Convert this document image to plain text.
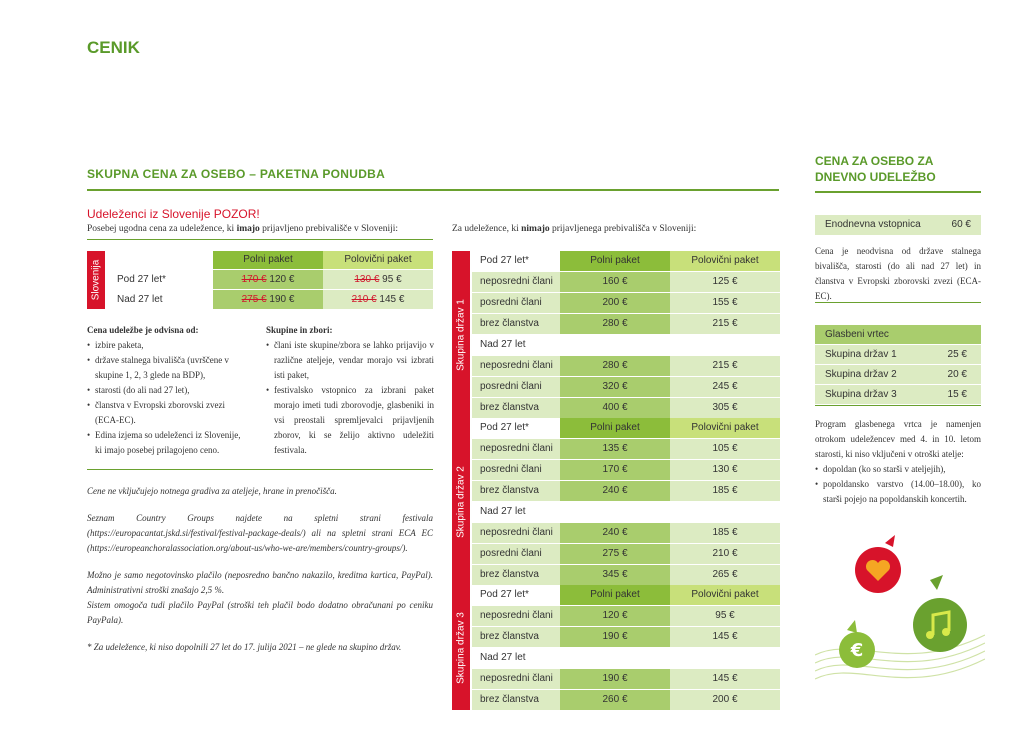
CENIK
SKUPNA CENA ZA OSEBO – PAKETNA PONUDBA
Udeleženci iz Slovenije POZOR!
Posebej ugodna cena za udeležence, ki imajo prijavljeno prebivališče v Sloveniji:
Slovenija
Polni paket	Polovični paket
Pod 27 let*	170 € 120 €	130 € 95 €
Nad 27 let	275 € 190 €	210 € 145 €
Cena udeležbe je odvisna od:
• izbire paketa,
• države stalnega bivališča (uvrščene v skupine 1, 2, 3 glede na BDP),
• starosti (do ali nad 27 let),
• članstva v Evropski zborovski zvezi (ECA-EC).
• Edina izjema so udeleženci iz Slovenije, ki imajo posebej prilagojeno ceno.
Skupine in zbori:
• člani iste skupine/zbora se lahko prijavijo v različne ateljeje, vendar morajo vsi izbrati isti paket,
• festivalsko vstopnico za izbrani paket morajo imeti tudi zborovodje, glasbeniki in vsi preostali spremljevalci prijavljenih zborov, ki se želijo aktivno udeležiti festivala.
Cene ne vključujejo notnega gradiva za ateljeje, hrane in prenočišča.
Seznam Country Groups najdete na spletni strani festivala (https://europacantat.jskd.si/festival/festival-package-deals/) ali na spletni strani ECA EC (https://europeanchoralassociation.org/about-us/who-we-are/members/country-groups/).
Možno je samo negotovinsko plačilo (neposredno bančno nakazilo, kreditna kartica, PayPal). Administrativni stroški znašajo 2,5 %.
Sistem omogoča tudi plačilo PayPal (stroški teh plačil bodo dodatno obračunani po ceniku PayPala).
* Za udeležence, ki niso dopolnili 27 let do 17. julija 2021 – ne glede na skupino držav.
Za udeležence, ki nimajo prijavljenega prebivališča v Sloveniji:
Skupina držav 1
Pod 27 let*	Polni paket	Polovični paket
neposredni člani	160 €	125 €
posredni člani	200 €	155 €
brez članstva	280 €	215 €
Nad 27 let
neposredni člani	280 €	215 €
posredni člani	320 €	245 €
brez članstva	400 €	305 €
Skupina držav 2
Pod 27 let*	Polni paket	Polovični paket
neposredni člani	135 €	105 €
posredni člani	170 €	130 €
brez članstva	240 €	185 €
Nad 27 let
neposredni člani	240 €	185 €
posredni člani	275 €	210 €
brez članstva	345 €	265 €
Skupina držav 3
Pod 27 let*	Polni paket	Polovični paket
neposredni člani	120 €	95 €
brez članstva	190 €	145 €
Nad 27 let
neposredni člani	190 €	145 €
brez članstva	260 €	200 €
CENA ZA OSEBO ZA
DNEVNO UDELEŽBO
Enodnevna vstopnica	60 €
Cena je neodvisna od države stalnega bivališča, starosti (do ali nad 27 let) in članstva v Evropski zborovski zvezi (ECA-EC).
Glasbeni vrtec
Skupina držav 1	25 €
Skupina držav 2	20 €
Skupina držav 3	15 €
Program glasbenega vrtca je namenjen otrokom udeležencev med 4. in 10. letom starosti, ki niso vključeni v otroški atelje:
• dopoldan (ko so starši v ateljejih),
• popoldansko varstvo (14.00–18.00), ko starši pojejo na popoldanskih koncertih.
€
